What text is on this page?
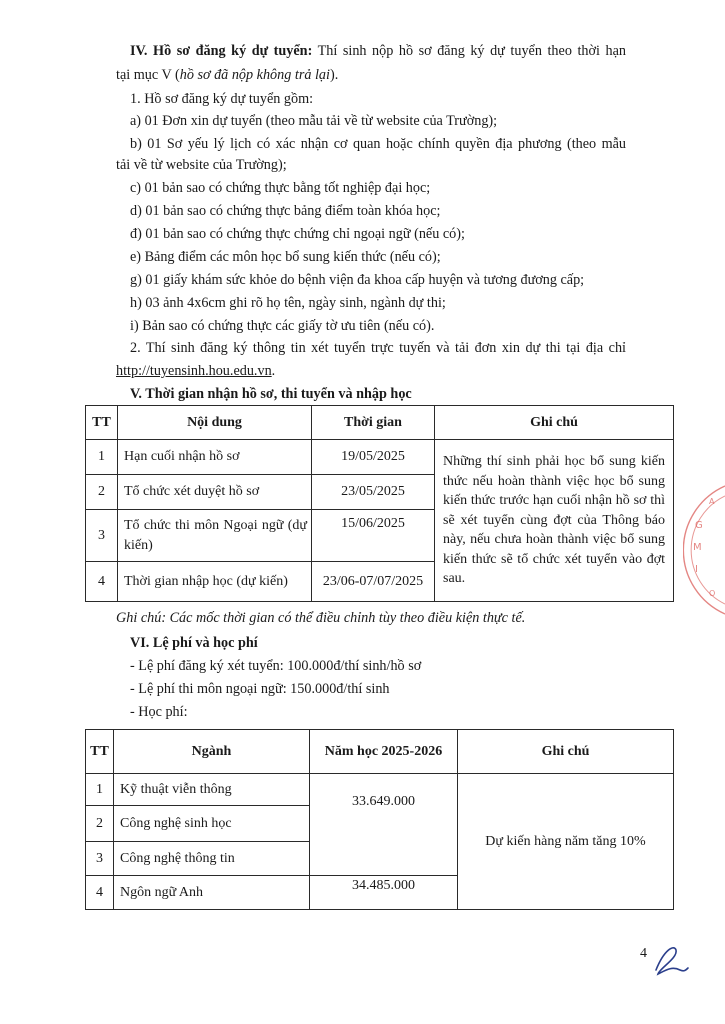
IV. Hồ sơ đăng ký dự tuyển: Thí sinh nộp hồ sơ đăng ký dự tuyển theo thời hạn
tại mục V (hồ sơ đã nộp không trả lại).
1. Hồ sơ đăng ký dự tuyển gồm:
a) 01 Đơn xin dự tuyển (theo mẫu tải về từ website của Trường);
b) 01 Sơ yếu lý lịch có xác nhận cơ quan hoặc chính quyền địa phương (theo mẫu
tải về từ website của Trường);
c) 01 bản sao có chứng thực bằng tốt nghiệp đại học;
d) 01 bản sao có chứng thực bảng điểm toàn khóa học;
đ) 01 bản sao có chứng thực chứng chỉ ngoại ngữ (nếu có);
e) Bảng điểm các môn học bổ sung kiến thức (nếu có);
g) 01 giấy khám sức khỏe do bệnh viện đa khoa cấp huyện và tương đương cấp;
h) 03 ảnh 4x6cm ghi rõ họ tên, ngày sinh, ngành dự thi;
i) Bản sao có chứng thực các giấy tờ ưu tiên (nếu có).
2. Thí sinh đăng ký thông tin xét tuyển trực tuyến và tải đơn xin dự thi tại địa chỉ
http://tuyensinh.hou.edu.vn.
V. Thời gian nhận hồ sơ, thi tuyển và nhập học
TT	Nội dung	Thời gian	Ghi chú
1	Hạn cuối nhận hồ sơ	19/05/2025	Những thí sinh phải học bổ sung kiến thức nếu hoàn thành việc học bổ sung kiến thức trước hạn cuối nhận hồ sơ thì sẽ xét tuyển cùng đợt của Thông báo này, nếu chưa hoàn thành việc bổ sung kiến thức sẽ tổ chức xét tuyển vào đợt sau.
2	Tổ chức xét duyệt hồ sơ	23/05/2025	
3	Tổ chức thi môn Ngoại ngữ (dự kiến)	15/06/2025	
4	Thời gian nhập học (dự kiến)	23/06-07/07/2025	
Ghi chú: Các mốc thời gian có thể điều chỉnh tùy theo điều kiện thực tế.
VI. Lệ phí và học phí
- Lệ phí đăng ký xét tuyển: 100.000đ/thí sinh/hồ sơ
- Lệ phí thi môn ngoại ngữ: 150.000đ/thí sinh
- Học phí:
TT	Ngành	Năm học 2025-2026	Ghi chú
1	Kỹ thuật viễn thông	33.649.000	Dự kiến hàng năm tăng 10%
2	Công nghệ sinh học		
3	Công nghệ thông tin		
4	Ngôn ngữ Anh	34.485.000	
4
A
G
M
I
O
